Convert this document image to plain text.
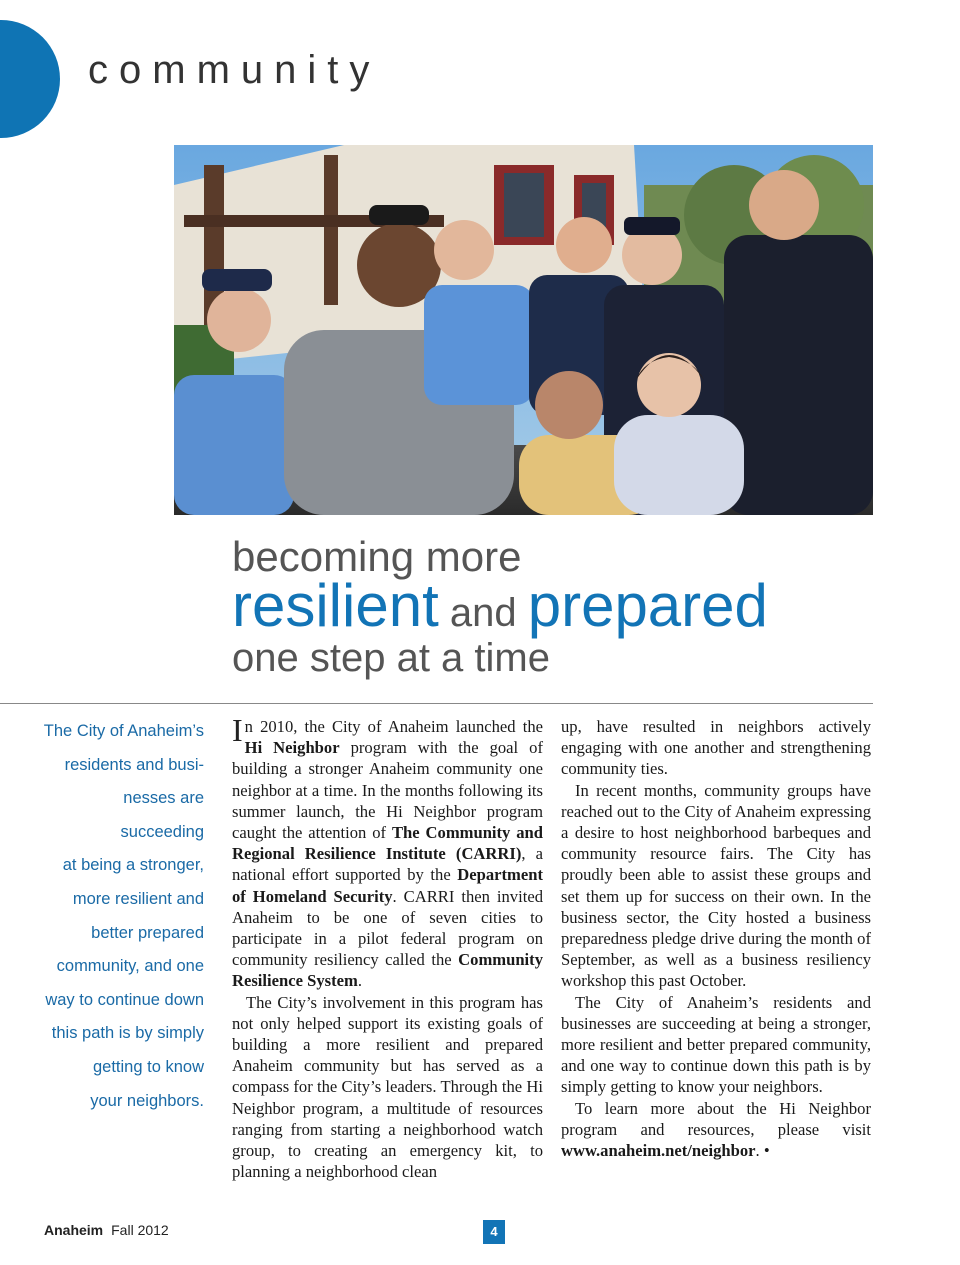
community
becoming more
resilient and prepared
one step at a time
The City of Anaheim’s
residents and busi-
nesses are succeeding
at being a stronger,
more resilient and
better prepared
community, and one
way to continue down
this path is by simply
getting to know
your neighbors.

In 2010, the City of Anaheim launched the Hi Neighbor program with the goal of building a stronger Anaheim community one neighbor at a time. In the months following its summer launch, the Hi Neighbor program caught the attention of The Community and Regional Resilience Institute (CARRI), a national effort supported by the Department of Homeland Security. CARRI then invited Anaheim to be one of seven cities to participate in a pilot federal program on community resiliency called the Community Resilience System.

The City’s involvement in this program has not only helped support its existing goals of building a more resilient and prepared Anaheim community but has served as a compass for the City’s leaders. Through the Hi Neighbor program, a multitude of resources ranging from starting a neighborhood watch group, to creating an emergency kit, to planning a neighborhood clean

up, have resulted in neighbors actively engaging with one another and strengthening community ties.

In recent months, community groups have reached out to the City of Anaheim expressing a desire to host neighborhood barbeques and community resource fairs. The City has proudly been able to assist these groups and set them up for success on their own. In the business sector, the City hosted a business preparedness pledge drive during the month of September, as well as a business resiliency workshop this past October.

The City of Anaheim’s residents and businesses are succeeding at being a stronger, more resilient and better prepared community, and one way to continue down this path is by simply getting to know your neighbors.

To learn more about the Hi Neighbor program and resources, please visit www.anaheim.net/neighbor. •

Anaheim Fall 2012	4
